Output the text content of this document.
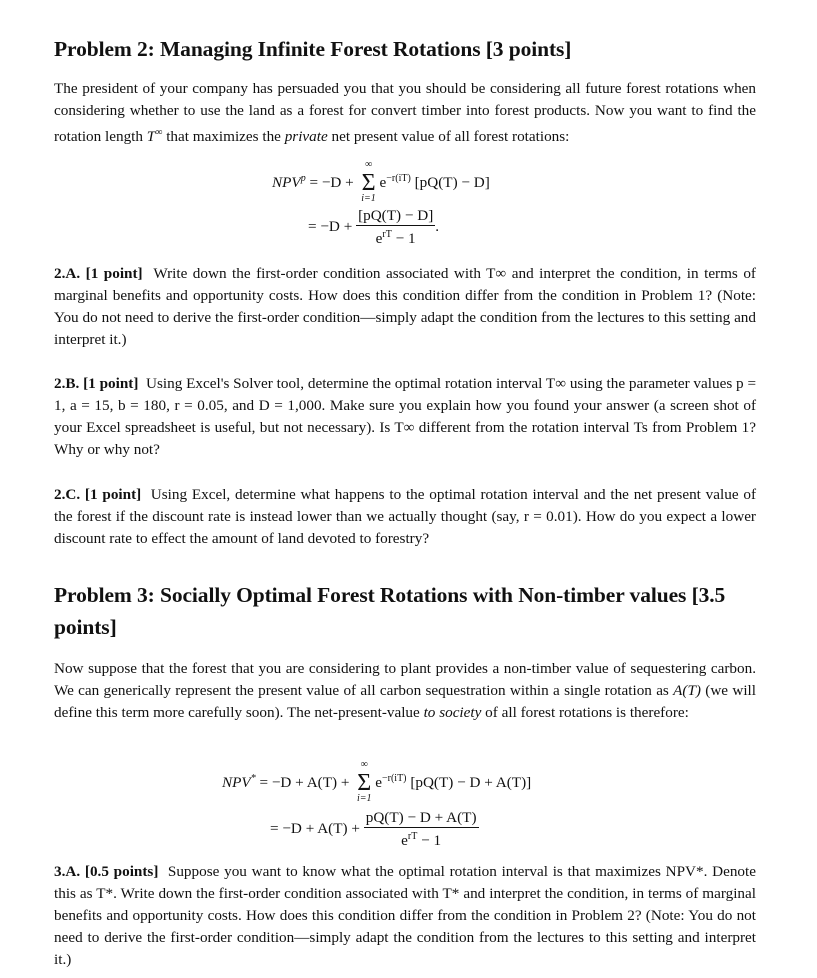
Problem 2: Managing Infinite Forest Rotations [3 points]

The president of your company has persuaded you that you should be considering all future forest rotations when considering whether to use the land as a forest for convert timber into forest products. Now you want to find the rotation length T∞ that maximizes the private net present value of all forest rotations:

$NPV^p = -D$ +
∞
Σ
i=1
$e^{-r(iT)}$ [pQ(T) − D]
= $-D + \frac{[pQ(T) - D]}{e^{rT} - 1}$ .

2.A. [1 point] Write down the first-order condition associated with T∞ and interpret the condition, in terms of marginal benefits and opportunity costs. How does this condition differ from the condition in Problem 1? (Note: You do not need to derive the first-order condition—simply adapt the condition from the lectures to this setting and interpret it.)

2.B. [1 point] Using Excel's Solver tool, determine the optimal rotation interval T∞ using the parameter values p = 1, a = 15, b = 180, r = 0.05, and D = 1,000. Make sure you explain how you found your answer (a screen shot of your Excel spreadsheet is useful, but not necessary). Is T∞ different from the rotation interval Ts from Problem 1? Why or why not?

2.C. [1 point] Using Excel, determine what happens to the optimal rotation interval and the net present value of the forest if the discount rate is instead lower than we actually thought (say, r = 0.01). How do you expect a lower discount rate to effect the amount of land devoted to forestry?

Problem 3: Socially Optimal Forest Rotations with Non-timber values [3.5 points]

Now suppose that the forest that you are considering to plant provides a non-timber value of sequestering carbon. We can generically represent the present value of all carbon sequestration within a single rotation as A(T) (we will define this term more carefully soon). The net-present-value to society of all forest rotations is therefore:

NPV* = −D + A(T) +
∞
Σ
i=1
$e^{-r(iT)}$ [pQ(T) − D + A(T)]
= $-D + A(T) + \frac{pQ(T) - D + A(T)}{e^{rT} - 1}$

3.A. [0.5 points] Suppose you want to know what the optimal rotation interval is that maximizes NPV*. Denote this as T*. Write down the first-order condition associated with T* and interpret the condition, in terms of marginal benefits and opportunity costs. How does this condition differ from the condition in Problem 2? (Note: You do not need to derive the first-order condition—simply adapt the condition from the lectures to this setting and interpret it.)
